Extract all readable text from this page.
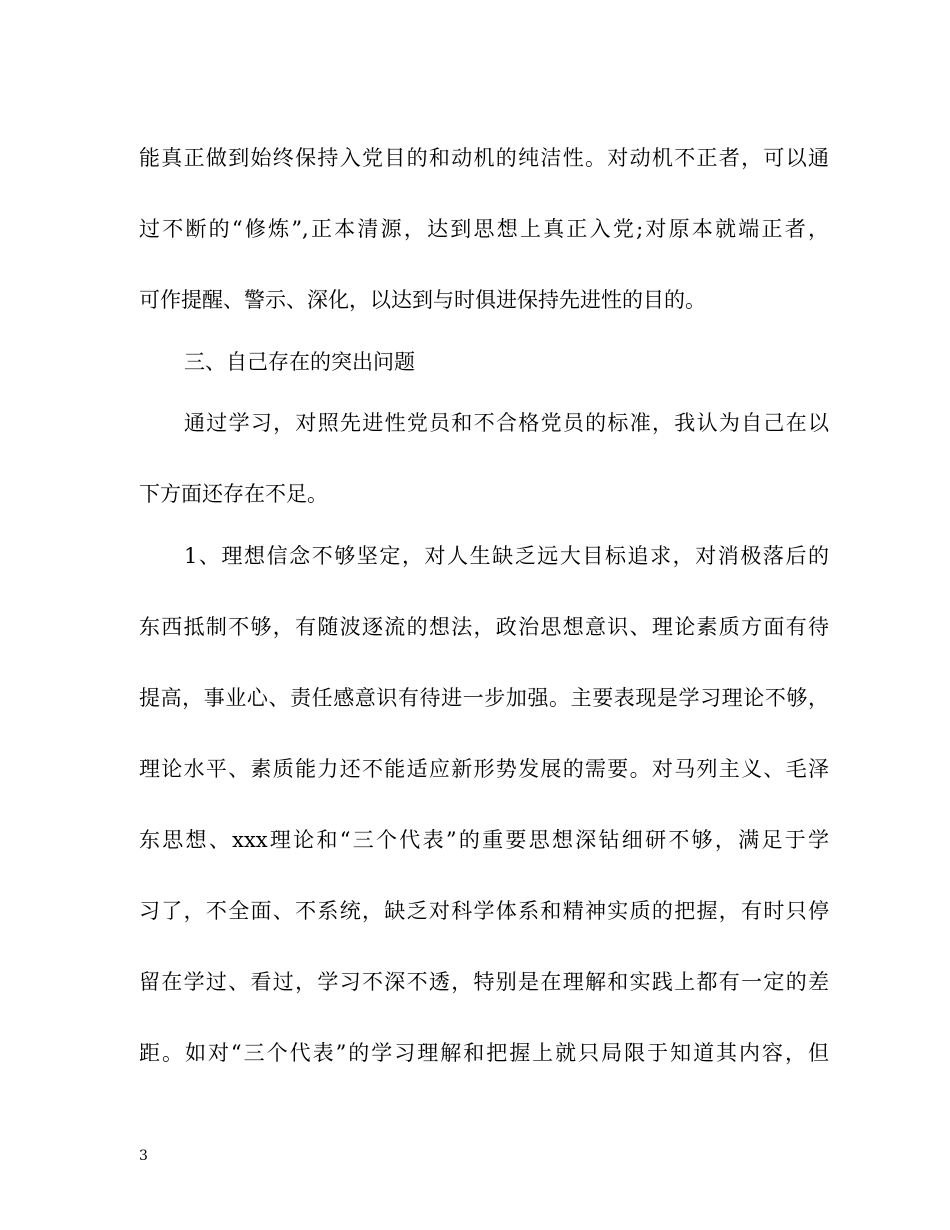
能真正做到始终保持入党目的和动机的纯洁性。对动机不正者，可以通
过不断的“修炼”,正本清源，达到思想上真正入党;对原本就端正者，
可作提醒、警示、深化，以达到与时俱进保持先进性的目的。
三、自己存在的突出问题
通过学习，对照先进性党员和不合格党员的标准，我认为自己在以
下方面还存在不足。
1、理想信念不够坚定，对人生缺乏远大目标追求，对消极落后的
东西抵制不够，有随波逐流的想法，政治思想意识、理论素质方面有待
提高，事业心、责任感意识有待进一步加强。主要表现是学习理论不够，
理论水平、素质能力还不能适应新形势发展的需要。对马列主义、毛泽
东思想、xxx理论和“三个代表”的重要思想深钻细研不够，满足于学
习了，不全面、不系统，缺乏对科学体系和精神实质的把握，有时只停
留在学过、看过，学习不深不透，特别是在理解和实践上都有一定的差
距。如对“三个代表”的学习理解和把握上就只局限于知道其内容，但
3
